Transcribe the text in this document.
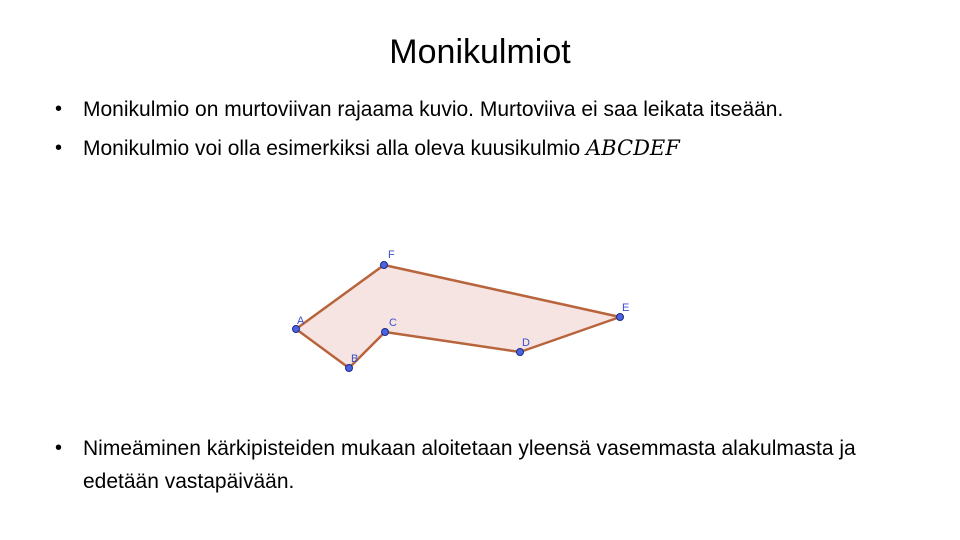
Monikulmiot
• Monikulmio on murtoviivan rajaama kuvio. Murtoviiva ei saa leikata itseään.
• Monikulmio voi olla esimerkiksi alla oleva kuusikulmio ABCDEF
A
B
C
D
E
F
• Nimeäminen kärkipisteiden mukaan aloitetaan yleensä vasemmasta alakulmasta ja edetään vastapäivään.
